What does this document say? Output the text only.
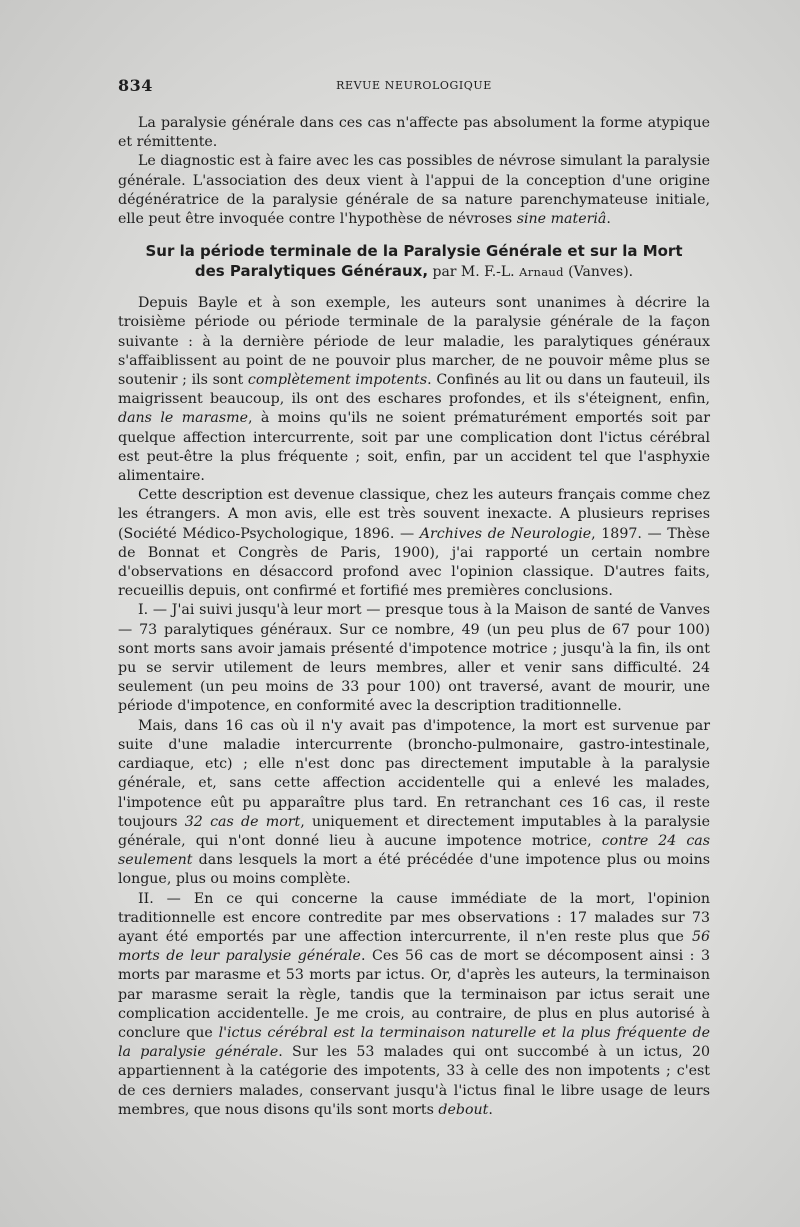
834	REVUE NEUROLOGIQUE

La paralysie générale dans ces cas n'affecte pas absolument la forme atypique et rémittente.

Le diagnostic est à faire avec les cas possibles de névrose simulant la paralysie générale. L'association des deux vient à l'appui de la conception d'une origine dégénératrice de la paralysie générale de sa nature parenchymateuse initiale, elle peut être invoquée contre l'hypothèse de névroses sine materiâ.

Sur la période terminale de la Paralysie Générale et sur la Mort
des Paralytiques Généraux, par M. F.-L. Arnaud (Vanves).

Depuis Bayle et à son exemple, les auteurs sont unanimes à décrire la troisième période ou période terminale de la paralysie générale de la façon suivante : à la dernière période de leur maladie, les paralytiques généraux s'affaiblissent au point de ne pouvoir plus marcher, de ne pouvoir même plus se soutenir ; ils sont complètement impotents. Confinés au lit ou dans un fauteuil, ils maigrissent beaucoup, ils ont des eschares profondes, et ils s'éteignent, enfin, dans le marasme, à moins qu'ils ne soient prématurément emportés soit par quelque affection intercurrente, soit par une complication dont l'ictus cérébral est peut-être la plus fréquente ; soit, enfin, par un accident tel que l'asphyxie alimentaire.

Cette description est devenue classique, chez les auteurs français comme chez les étrangers. A mon avis, elle est très souvent inexacte. A plusieurs reprises (Société Médico-Psychologique, 1896. — Archives de Neurologie, 1897. — Thèse de Bonnat et Congrès de Paris, 1900), j'ai rapporté un certain nombre d'observations en désaccord profond avec l'opinion classique. D'autres faits, recueillis depuis, ont confirmé et fortifié mes premières conclusions.

I. — J'ai suivi jusqu'à leur mort — presque tous à la Maison de santé de Vanves — 73 paralytiques généraux. Sur ce nombre, 49 (un peu plus de 67 pour 100) sont morts sans avoir jamais présenté d'impotence motrice ; jusqu'à la fin, ils ont pu se servir utilement de leurs membres, aller et venir sans difficulté. 24 seulement (un peu moins de 33 pour 100) ont traversé, avant de mourir, une période d'impotence, en conformité avec la description traditionnelle.

Mais, dans 16 cas où il n'y avait pas d'impotence, la mort est survenue par suite d'une maladie intercurrente (broncho-pulmonaire, gastro-intestinale, cardiaque, etc) ; elle n'est donc pas directement imputable à la paralysie générale, et, sans cette affection accidentelle qui a enlevé les malades, l'impotence eût pu apparaître plus tard. En retranchant ces 16 cas, il reste toujours 32 cas de mort, uniquement et directement imputables à la paralysie générale, qui n'ont donné lieu à aucune impotence motrice, contre 24 cas seulement dans lesquels la mort a été précédée d'une impotence plus ou moins longue, plus ou moins complète.

II. — En ce qui concerne la cause immédiate de la mort, l'opinion traditionnelle est encore contredite par mes observations : 17 malades sur 73 ayant été emportés par une affection intercurrente, il n'en reste plus que 56 morts de leur paralysie générale. Ces 56 cas de mort se décomposent ainsi : 3 morts par marasme et 53 morts par ictus. Or, d'après les auteurs, la terminaison par marasme serait la règle, tandis que la terminaison par ictus serait une complication accidentelle. Je me crois, au contraire, de plus en plus autorisé à conclure que l'ictus cérébral est la terminaison naturelle et la plus fréquente de la paralysie générale. Sur les 53 malades qui ont succombé à un ictus, 20 appartiennent à la catégorie des impotents, 33 à celle des non impotents ; c'est de ces derniers malades, conservant jusqu'à l'ictus final le libre usage de leurs membres, que nous disons qu'ils sont morts debout.
